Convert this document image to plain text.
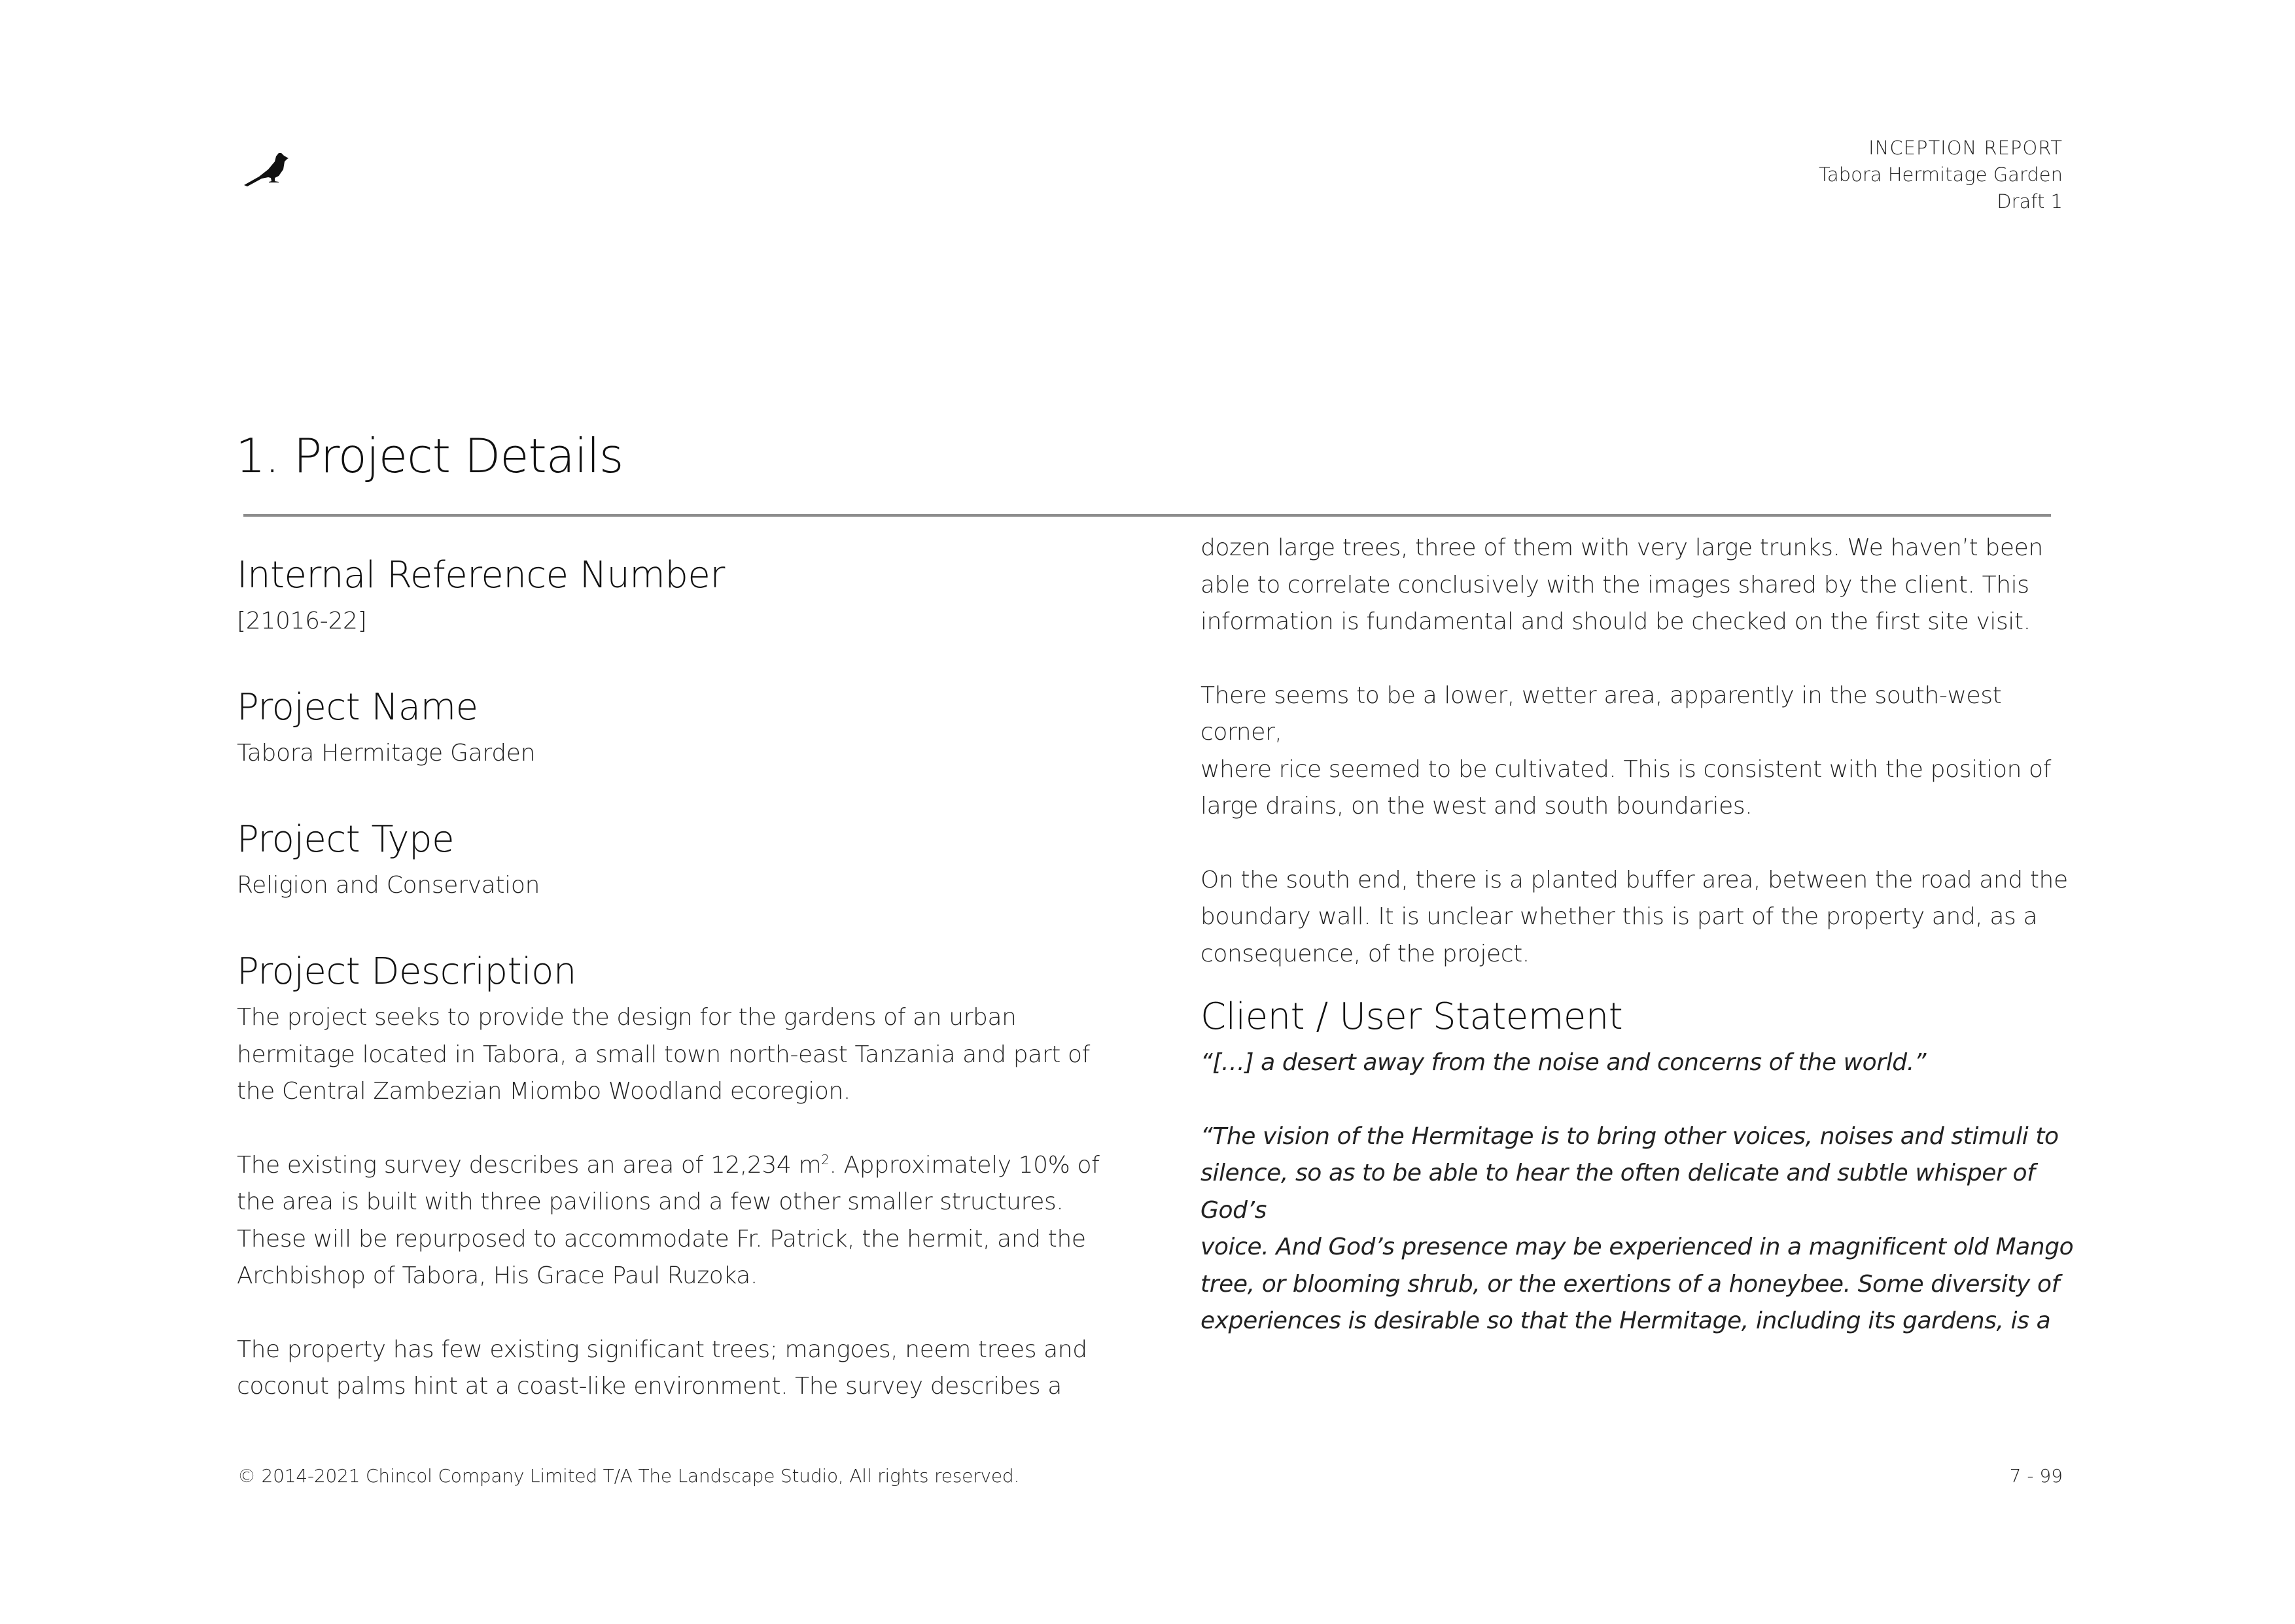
INCEPTION REPORT
Tabora Hermitage Garden
Draft 1
1. Project Details
Internal Reference Number

[21016-22]

Project Name

Tabora Hermitage Garden

Project Type

Religion and Conservation

Project Description

The project seeks to provide the design for the gardens of an urban

hermitage located in Tabora, a small town north-east Tanzania and part of

the Central Zambezian Miombo Woodland ecoregion.

The existing survey describes an area of 12,234 $m^2$. Approximately 10% of

the area is built with three pavilions and a few other smaller structures.

These will be repurposed to accommodate Fr. Patrick, the hermit, and the

Archbishop of Tabora, His Grace Paul Ruzoka.

The property has few existing significant trees; mangoes, neem trees and

coconut palms hint at a coast-like environment. The survey describes a

dozen large trees, three of them with very large trunks. We haven’t been

able to correlate conclusively with the images shared by the client. This

information is fundamental and should be checked on the first site visit.

There seems to be a lower, wetter area, apparently in the south-west corner,

where rice seemed to be cultivated. This is consistent with the position of

large drains, on the west and south boundaries.

On the south end, there is a planted buffer area, between the road and the

boundary wall. It is unclear whether this is part of the property and, as a

consequence, of the project.

Client / User Statement

“[…] a desert away from the noise and concerns of the world.”

“The vision of the Hermitage is to bring other voices, noises and stimuli to

silence, so as to be able to hear the often delicate and subtle whisper of

God’s

voice. And God’s presence may be experienced in a magnificent old Mango

tree, or blooming shrub, or the exertions of a honeybee. Some diversity of

experiences is desirable so that the Hermitage, including its gardens, is a

© 2014-2021 Chincol Company Limited T/A The Landscape Studio, All rights reserved.	7 - 99
